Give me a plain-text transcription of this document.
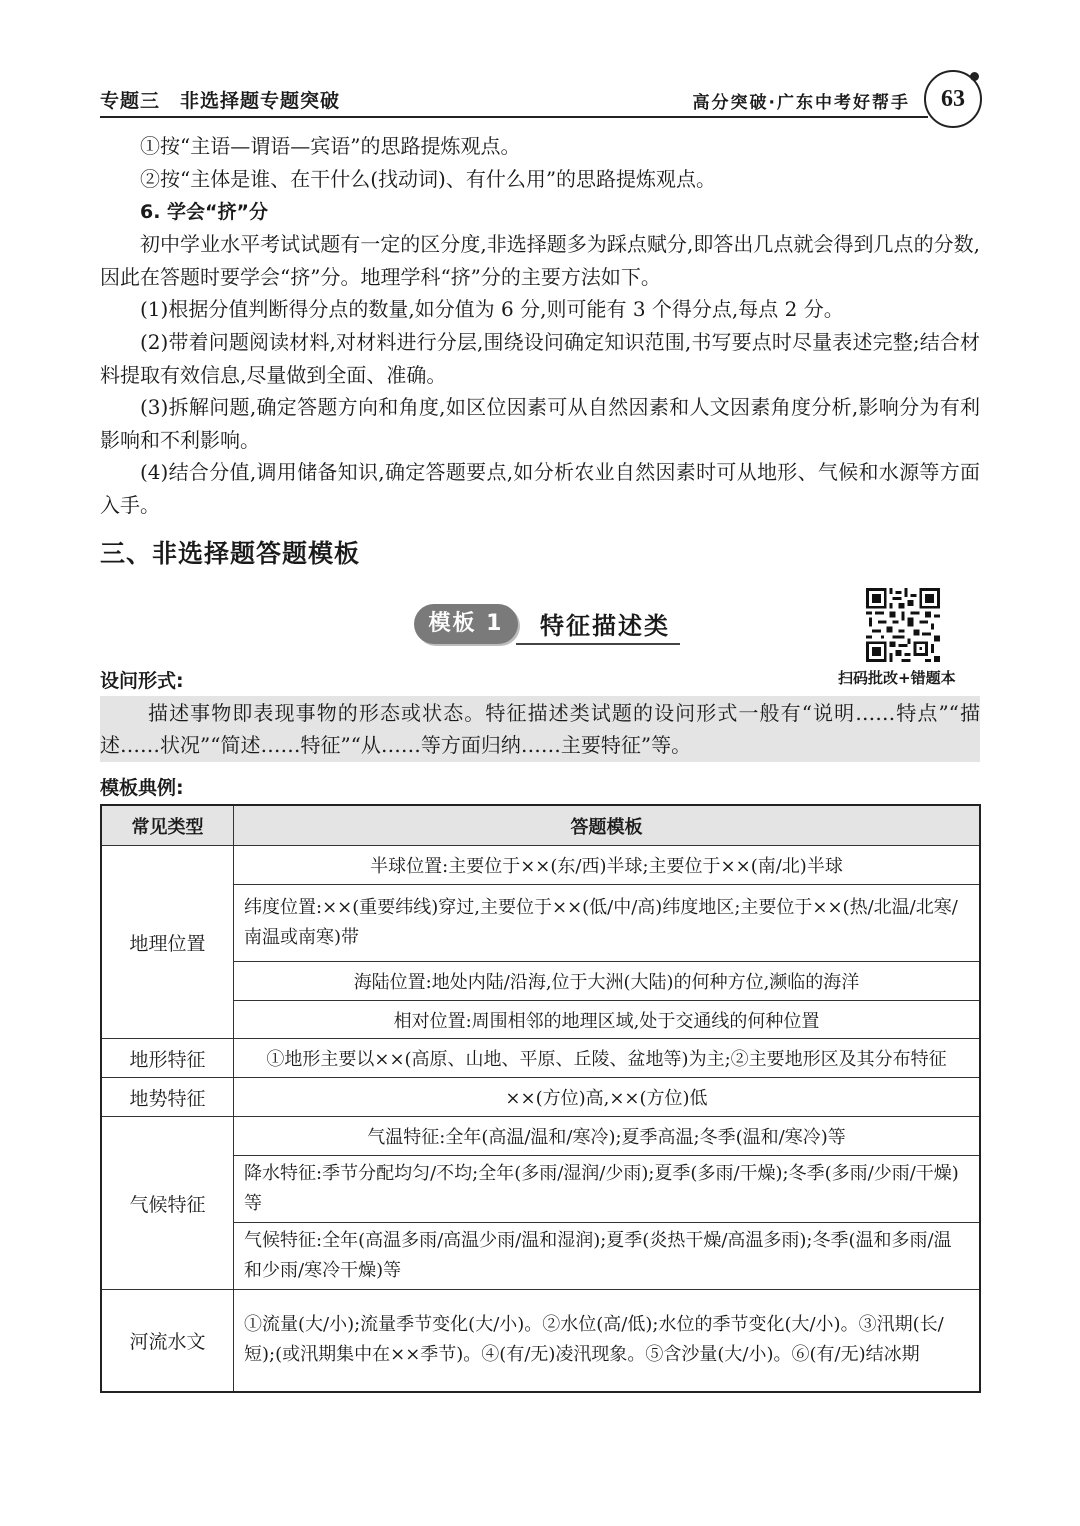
专题三　非选择题专题突破	高分突破·广东中考好帮手	63

①按“主语—谓语—宾语”的思路提炼观点。

②按“主体是谁、在干什么(找动词)、有什么用”的思路提炼观点。

6. 学会“挤”分

初中学业水平考试试题有一定的区分度,非选择题多为踩点赋分,即答出几点就会得到几点的分数,因此在答题时要学会“挤”分。地理学科“挤”分的主要方法如下。

(1)根据分值判断得分点的数量,如分值为 6 分,则可能有 3 个得分点,每点 2 分。

(2)带着问题阅读材料,对材料进行分层,围绕设问确定知识范围,书写要点时尽量表述完整;结合材料提取有效信息,尽量做到全面、准确。

(3)拆解问题,确定答题方向和角度,如区位因素可从自然因素和人文因素角度分析,影响分为有利影响和不利影响。

(4)结合分值,调用储备知识,确定答题要点,如分析农业自然因素时可从地形、气候和水源等方面入手。

三、非选择题答题模板
模板 1	特征描述类
扫码批改+错题本
设问形式:

描述事物即表现事物的形态或状态。特征描述类试题的设问形式一般有“说明……特点”“描述……状况”“简述……特征”“从……等方面归纳……主要特征”等。

模板典例:
常见类型	答题模板
地理位置	半球位置:主要位于××(东/西)半球;主要位于××(南/北)半球
	纬度位置:××(重要纬线)穿过,主要位于××(低/中/高)纬度地区;主要位于××(热/北温/北寒/南温或南寒)带
	海陆位置:地处内陆/沿海,位于大洲(大陆)的何种方位,濒临的海洋
	相对位置:周围相邻的地理区域,处于交通线的何种位置
地形特征	①地形主要以××(高原、山地、平原、丘陵、盆地等)为主;②主要地形区及其分布特征
地势特征	××(方位)高,××(方位)低
气候特征	气温特征:全年(高温/温和/寒冷);夏季高温;冬季(温和/寒冷)等
	降水特征:季节分配均匀/不均;全年(多雨/湿润/少雨);夏季(多雨/干燥);冬季(多雨/少雨/干燥)等
	气候特征:全年(高温多雨/高温少雨/温和湿润);夏季(炎热干燥/高温多雨);冬季(温和多雨/温和少雨/寒冷干燥)等
河流水文	①流量(大/小);流量季节变化(大/小)。②水位(高/低);水位的季节变化(大/小)。③汛期(长/短);(或汛期集中在××季节)。④(有/无)凌汛现象。⑤含沙量(大/小)。⑥(有/无)结冰期
